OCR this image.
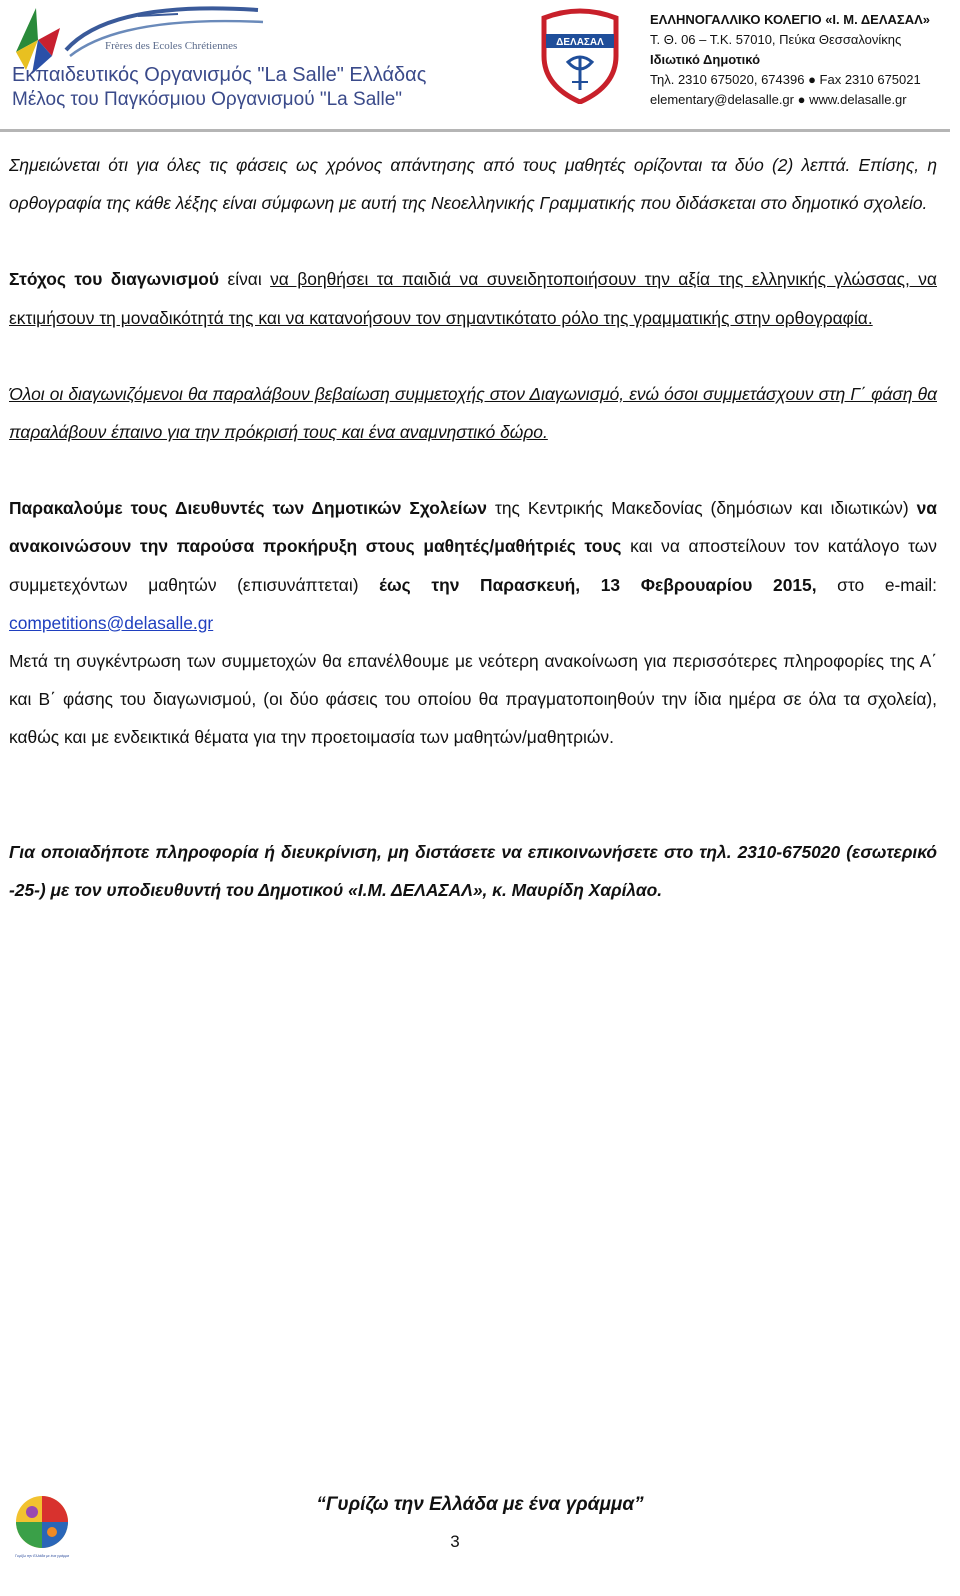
Frères des Ecoles Chrétiennes
Εκπαιδευτικός Οργανισμός "La Salle" Ελλάδας
Μέλος του Παγκόσμιου Οργανισμού "La Salle"
ΔΕΛΑΣΑΛ
ΕΛΛΗΝΟΓΑΛΛΙΚΟ ΚΟΛΕΓΙΟ «Ι. Μ. ΔΕΛΑΣΑΛ»
Τ. Θ. 06 – Τ.Κ. 57010, Πεύκα Θεσσαλονίκης
Ιδιωτικό Δημοτικό
Τηλ. 2310 675020, 674396 ● Fax 2310 675021
elementary@delasalle.gr ● www.delasalle.gr

Σημειώνεται ότι για όλες τις φάσεις ως χρόνος απάντησης από τους μαθητές ορίζονται τα δύο (2) λεπτά. Επίσης, η ορθογραφία της κάθε λέξης είναι σύμφωνη με αυτή της Νεοελληνικής Γραμματικής που διδάσκεται στο δημοτικό σχολείο.

Στόχος του διαγωνισμού είναι να βοηθήσει τα παιδιά να συνειδητοποιήσουν την αξία της ελληνικής γλώσσας, να εκτιμήσουν τη μοναδικότητά της και να κατανοήσουν τον σημαντικότατο ρόλο της γραμματικής στην ορθογραφία.

Όλοι οι διαγωνιζόμενοι θα παραλάβουν βεβαίωση συμμετοχής στον Διαγωνισμό, ενώ όσοι συμμετάσχουν στη Γ΄ φάση θα παραλάβουν έπαινο για την πρόκρισή τους και ένα αναμνηστικό δώρο.

Παρακαλούμε τους Διευθυντές των Δημοτικών Σχολείων της Κεντρικής Μακεδονίας (δημόσιων και ιδιωτικών) να ανακοινώσουν την παρούσα προκήρυξη στους μαθητές/μαθήτριές τους και να αποστείλουν τον κατάλογο των συμμετεχόντων μαθητών (επισυνάπτεται) έως την Παρασκευή, 13 Φεβρουαρίου 2015, στο e-mail: competitions@delasalle.gr

Μετά τη συγκέντρωση των συμμετοχών θα επανέλθουμε με νεότερη ανακοίνωση για περισσότερες πληροφορίες της Α΄ και Β΄ φάσης του διαγωνισμού, (οι δύο φάσεις του οποίου θα πραγματοποιηθούν την ίδια ημέρα σε όλα τα σχολεία), καθώς και με ενδεικτικά θέματα για την προετοιμασία των μαθητών/μαθητριών.

Για οποιαδήποτε πληροφορία ή διευκρίνιση, μη διστάσετε να επικοινωνήσετε στο τηλ. 2310-675020 (εσωτερικό -25-) με τον υποδιευθυντή του Δημοτικού «Ι.Μ. ΔΕΛΑΣΑΛ», κ. Μαυρίδη Χαρίλαο.

Γυρίζω την Ελλάδα με ένα γράμμα
“Γυρίζω την Ελλάδα με ένα γράμμα”
3
